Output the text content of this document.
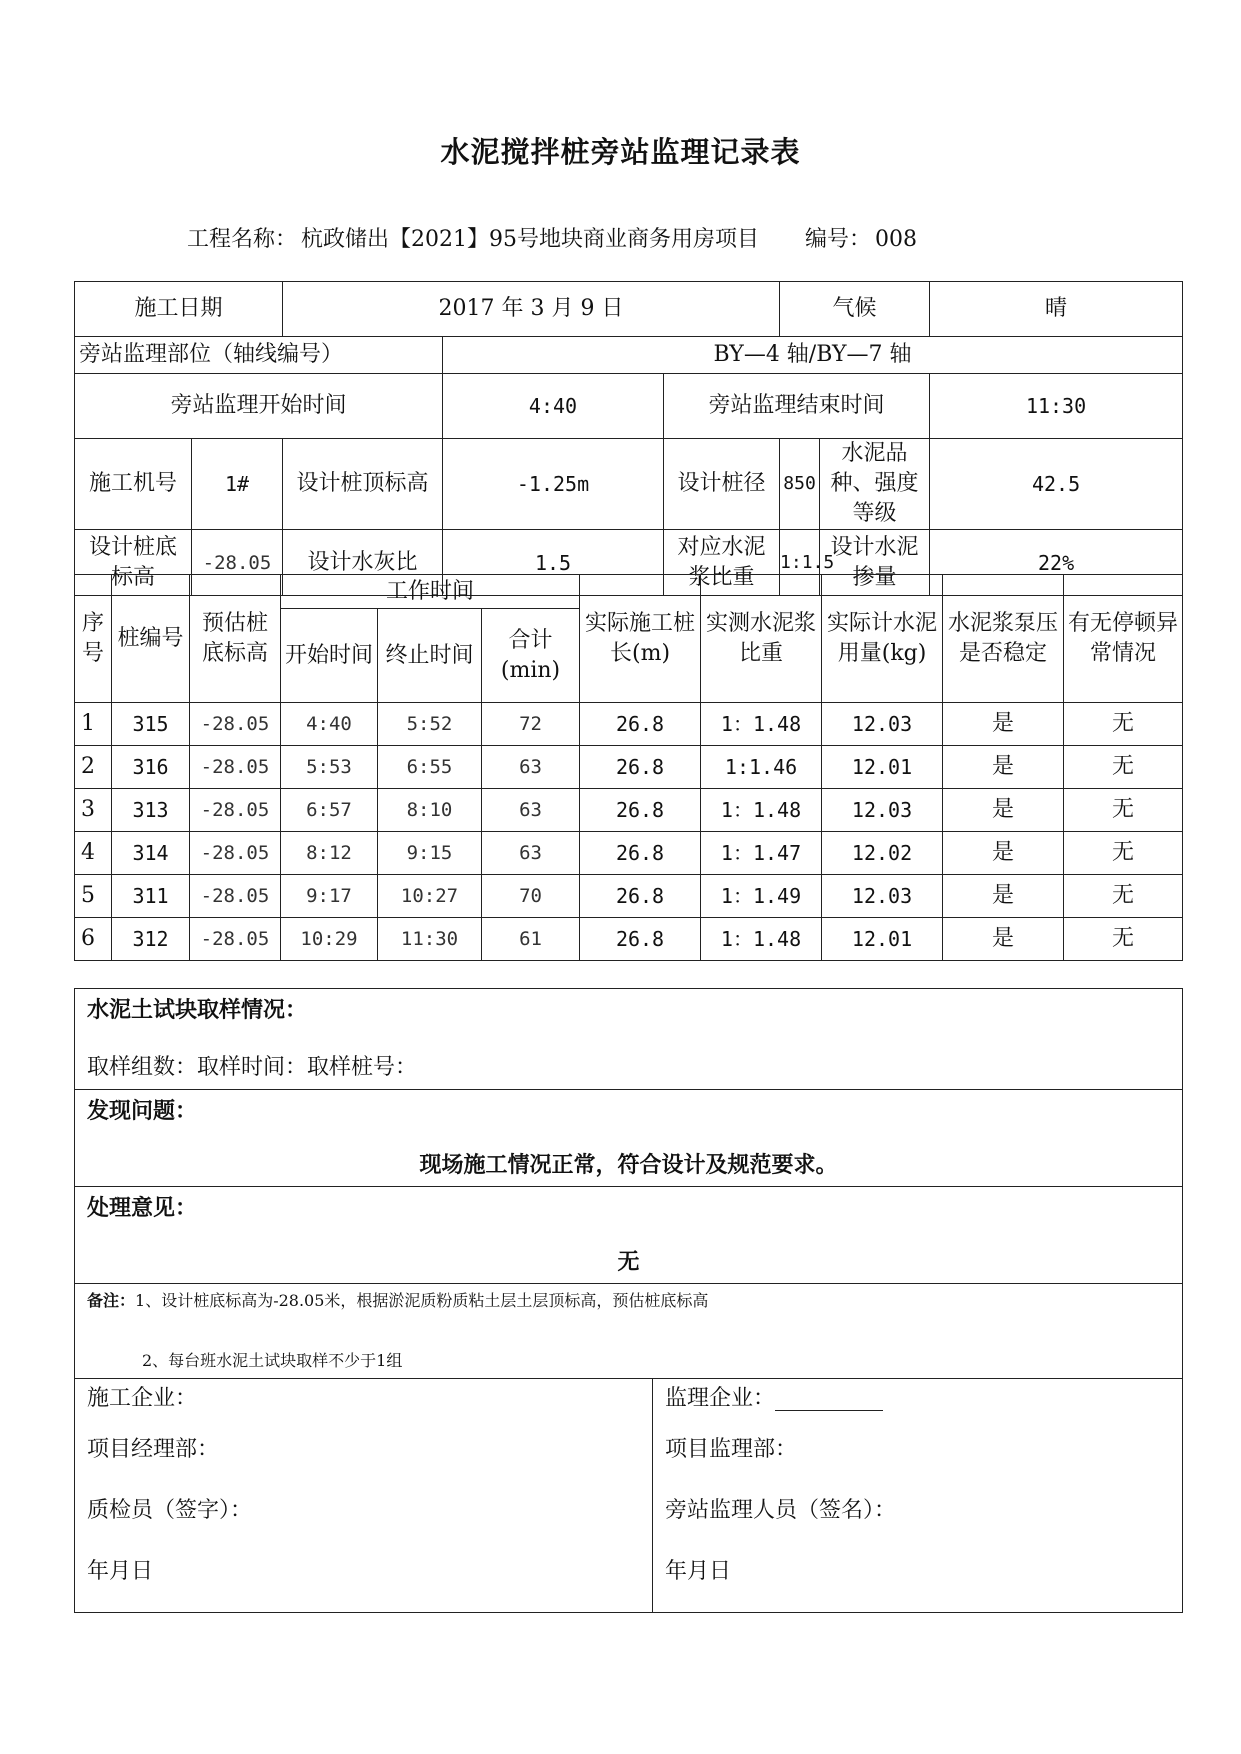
水泥搅拌桩旁站监理记录表
工程名称： 杭政储出【2021】95号地块商业商务用房项目 编号： 008
施工日期		2017 年 3 月 9 日			气候		晴
旁站监理部位（轴线编号）			BY—4 轴/BY—7 轴				
旁站监理开始时间			4:40	旁站监理结束时间			11:30
施工机号	1#	设计桩顶标高	-1.25m	设计桩径	850	水泥品种、强度等级	42.5
设计桩底标高	-28.05	设计水灰比	1.5	对应水泥浆比重	1:1.5	设计水泥掺量	22%
序号	桩编号	预估桩底标高	工作时间			实际施工桩长(m)	实测水泥浆比重	实际计水泥用量(kg)	水泥浆泵压是否稳定	有无停顿异常情况
			开始时间	终止时间	合计(min)					
1	315	-28.05	4:40	5:52	72	26.8	1：1.48	12.03	是	无
2	316	-28.05	5:53	6:55	63	26.8	1:1.46	12.01	是	无
3	313	-28.05	6:57	8:10	63	26.8	1：1.48	12.03	是	无
4	314	-28.05	8:12	9:15	63	26.8	1：1.47	12.02	是	无
5	311	-28.05	9:17	10:27	70	26.8	1：1.49	12.03	是	无
6	312	-28.05	10:29	11:30	61	26.8	1：1.48	12.01	是	无
水泥土试块取样情况：
取样组数：取样时间：取样桩号：

发现问题：
现场施工情况正常，符合设计及规范要求。

处理意见：
无

备注：1、设计桩底标高为-28.05米，根据淤泥质粉质粘土层土层顶标高，预估桩底标高
2、每台班水泥土试块取样不少于1组

施工企业：
项目经理部：
质检员（签字）：
年月日

监理企业：
项目监理部：
旁站监理人员（签名）：
年月日
